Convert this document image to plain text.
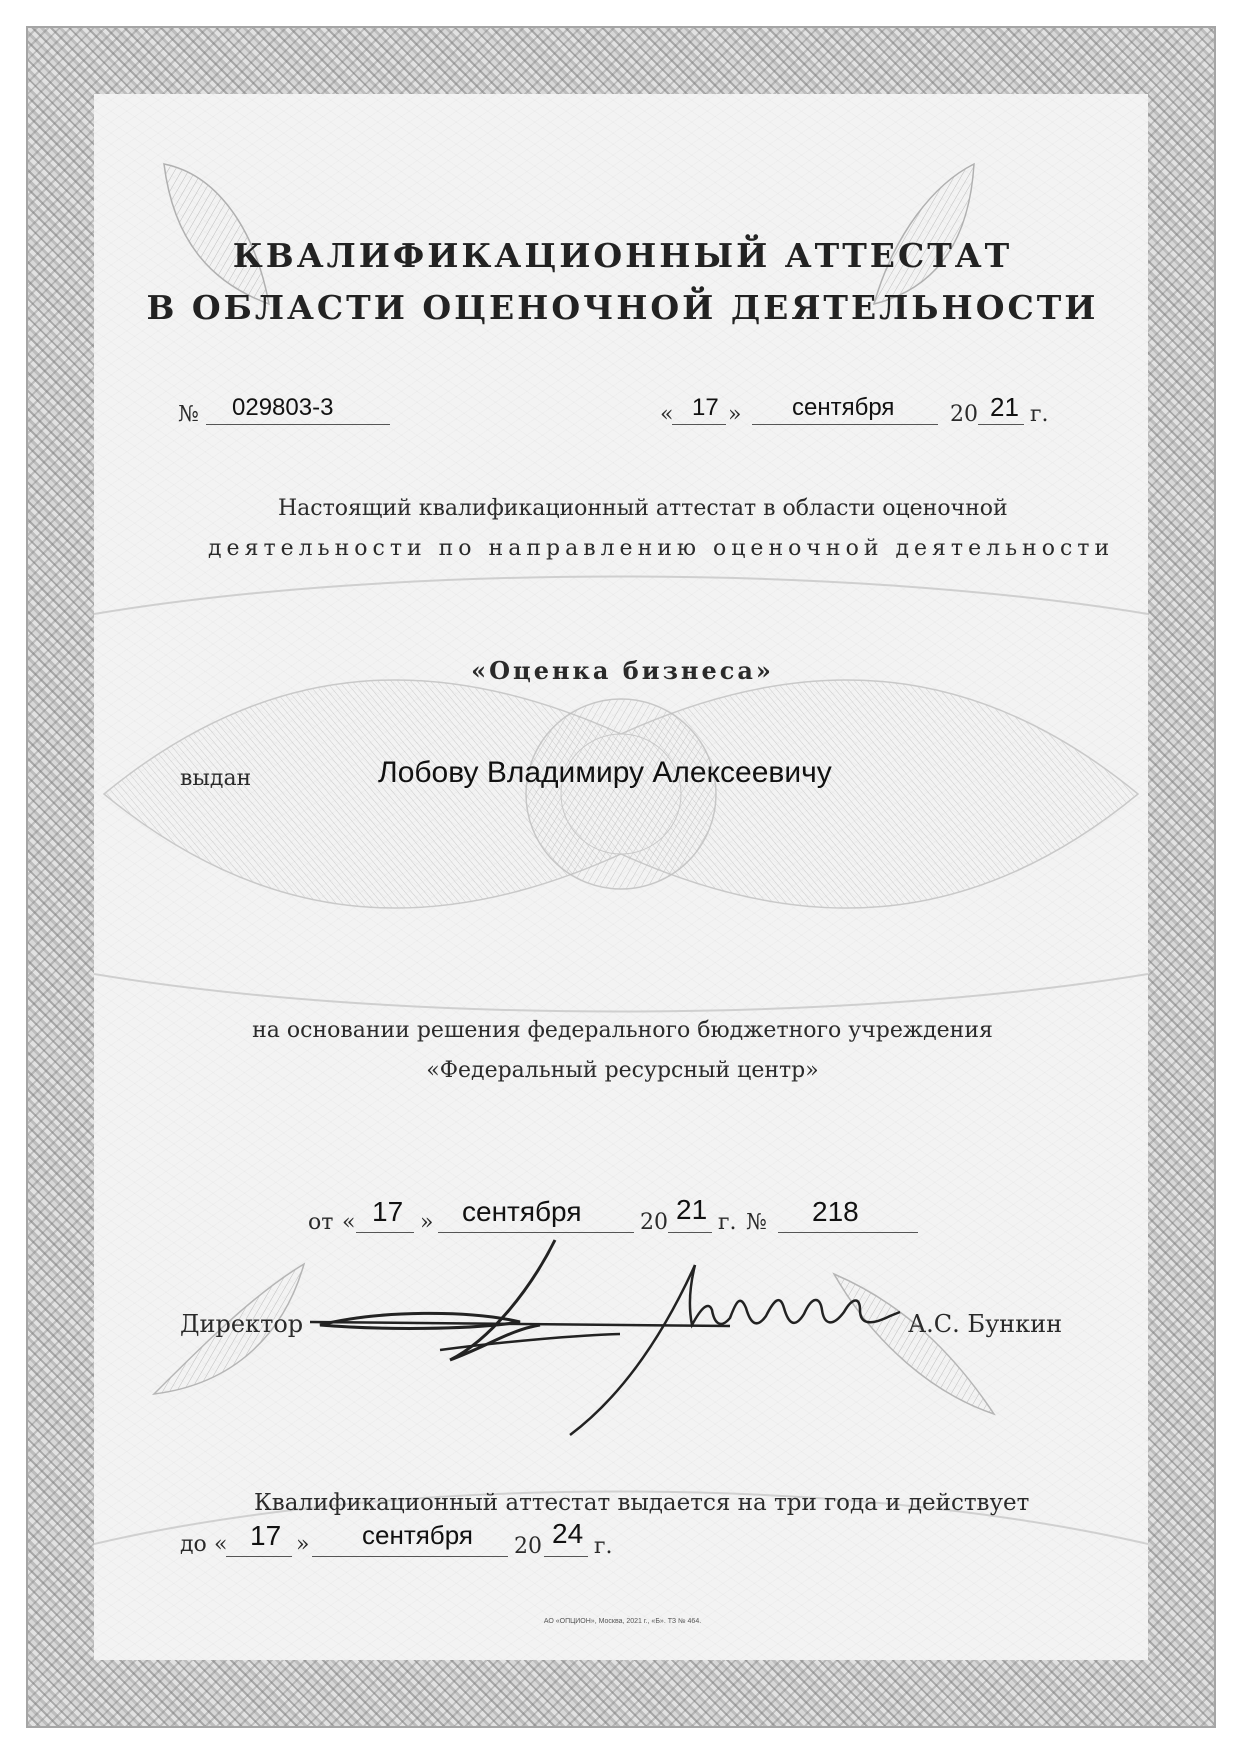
КВАЛИФИКАЦИОННЫЙ АТТЕСТАТ
В ОБЛАСТИ ОЦЕНОЧНОЙ ДЕЯТЕЛЬНОСТИ
№ 029803-3	« 17 » сентября	20 21 г.
Настоящий квалификационный аттестат в области оценочной
деятельности по направлению оценочной деятельности
«Оценка бизнеса»
выдан	Лобову Владимиру Алексеевичу
на основании решения федерального бюджетного учреждения
«Федеральный ресурсный центр»
от « 17 » сентября	20 21 г. № 218
Директор	А.С. Бункин
Квалификационный аттестат выдается на три года и действует
до « 17 » сентября 20 24 г.
АО «ОПЦИОН», Москва, 2021 г., «Б». ТЗ № 464.
